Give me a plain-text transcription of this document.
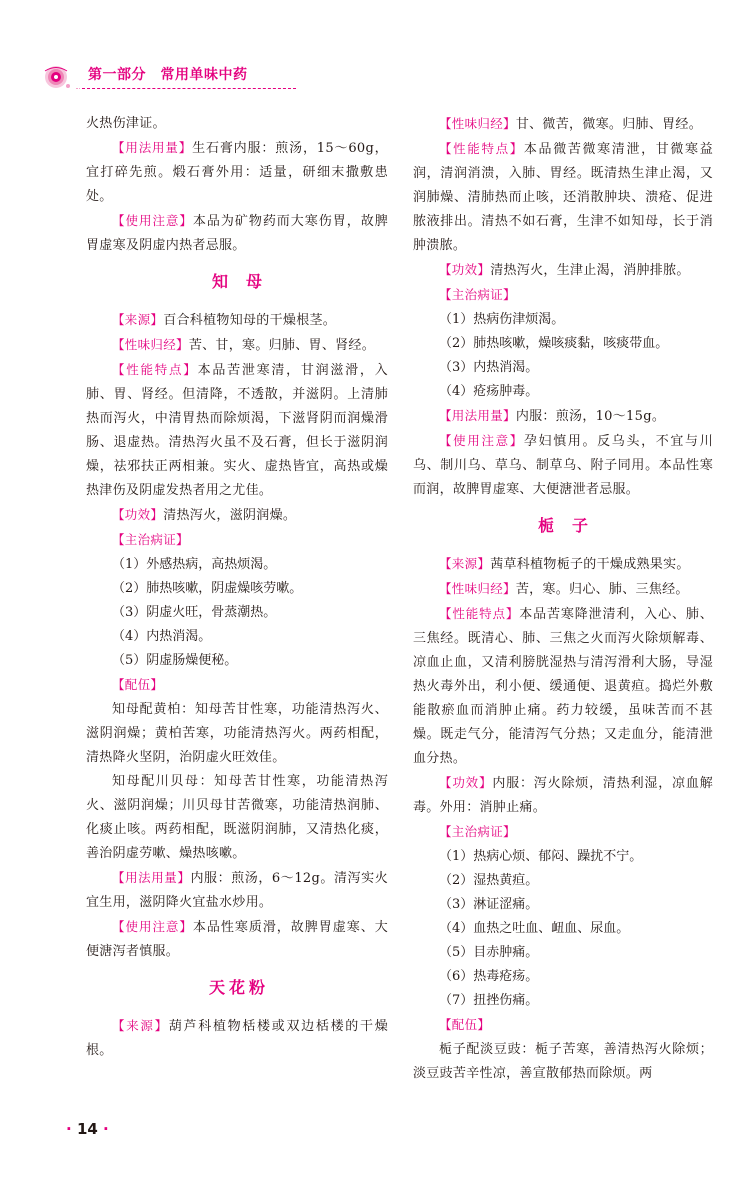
第一部分　常用单味中药

火热伤津证。

【用法用量】生石膏内服：煎汤，15～60g，宜打碎先煎。煅石膏外用：适量，研细末撒敷患处。

【使用注意】本品为矿物药而大寒伤胃，故脾胃虚寒及阴虚内热者忌服。

知母

【来源】百合科植物知母的干燥根茎。

【性味归经】苦、甘，寒。归肺、胃、肾经。

【性能特点】本品苦泄寒清，甘润滋滑，入肺、胃、肾经。但清降，不透散，并滋阴。上清肺热而泻火，中清胃热而除烦渴，下滋肾阴而润燥滑肠、退虚热。清热泻火虽不及石膏，但长于滋阴润燥，祛邪扶正两相兼。实火、虚热皆宜，高热或燥热津伤及阴虚发热者用之尤佳。

【功效】清热泻火，滋阴润燥。

【主治病证】

（1）外感热病，高热烦渴。
（2）肺热咳嗽，阴虚燥咳劳嗽。
（3）阴虚火旺，骨蒸潮热。
（4）内热消渴。
（5）阴虚肠燥便秘。

【配伍】

知母配黄柏：知母苦甘性寒，功能清热泻火、滋阴润燥；黄柏苦寒，功能清热泻火。两药相配，清热降火坚阴，治阴虚火旺效佳。

知母配川贝母：知母苦甘性寒，功能清热泻火、滋阴润燥；川贝母甘苦微寒，功能清热润肺、化痰止咳。两药相配，既滋阴润肺，又清热化痰，善治阴虚劳嗽、燥热咳嗽。

【用法用量】内服：煎汤，6～12g。清泻实火宜生用，滋阴降火宜盐水炒用。

【使用注意】本品性寒质滑，故脾胃虚寒、大便溏泻者慎服。

天花粉

【来源】葫芦科植物栝楼或双边栝楼的干燥根。

【性味归经】甘、微苦，微寒。归肺、胃经。

【性能特点】本品微苦微寒清泄，甘微寒益润，清润消溃，入肺、胃经。既清热生津止渴，又润肺燥、清肺热而止咳，还消散肿块、溃疮、促进脓液排出。清热不如石膏，生津不如知母，长于消肿溃脓。

【功效】清热泻火，生津止渴，消肿排脓。

【主治病证】

（1）热病伤津烦渴。
（2）肺热咳嗽，燥咳痰黏，咳痰带血。
（3）内热消渴。
（4）疮疡肿毒。

【用法用量】内服：煎汤，10～15g。

【使用注意】孕妇慎用。反乌头，不宜与川乌、制川乌、草乌、制草乌、附子同用。本品性寒而润，故脾胃虚寒、大便溏泄者忌服。

栀子

【来源】茜草科植物栀子的干燥成熟果实。

【性味归经】苦，寒。归心、肺、三焦经。

【性能特点】本品苦寒降泄清利，入心、肺、三焦经。既清心、肺、三焦之火而泻火除烦解毒、凉血止血，又清利膀胱湿热与清泻滑利大肠，导湿热火毒外出，利小便、缓通便、退黄疸。捣烂外敷能散瘀血而消肿止痛。药力较缓，虽味苦而不甚燥。既走气分，能清泻气分热；又走血分，能清泄血分热。

【功效】内服：泻火除烦，清热利湿，凉血解毒。外用：消肿止痛。

【主治病证】

（1）热病心烦、郁闷、躁扰不宁。
（2）湿热黄疸。
（3）淋证涩痛。
（4）血热之吐血、衄血、尿血。
（5）目赤肿痛。
（6）热毒疮疡。
（7）扭挫伤痛。

【配伍】

栀子配淡豆豉：栀子苦寒，善清热泻火除烦；淡豆豉苦辛性凉，善宣散郁热而除烦。两

· 14 ·
